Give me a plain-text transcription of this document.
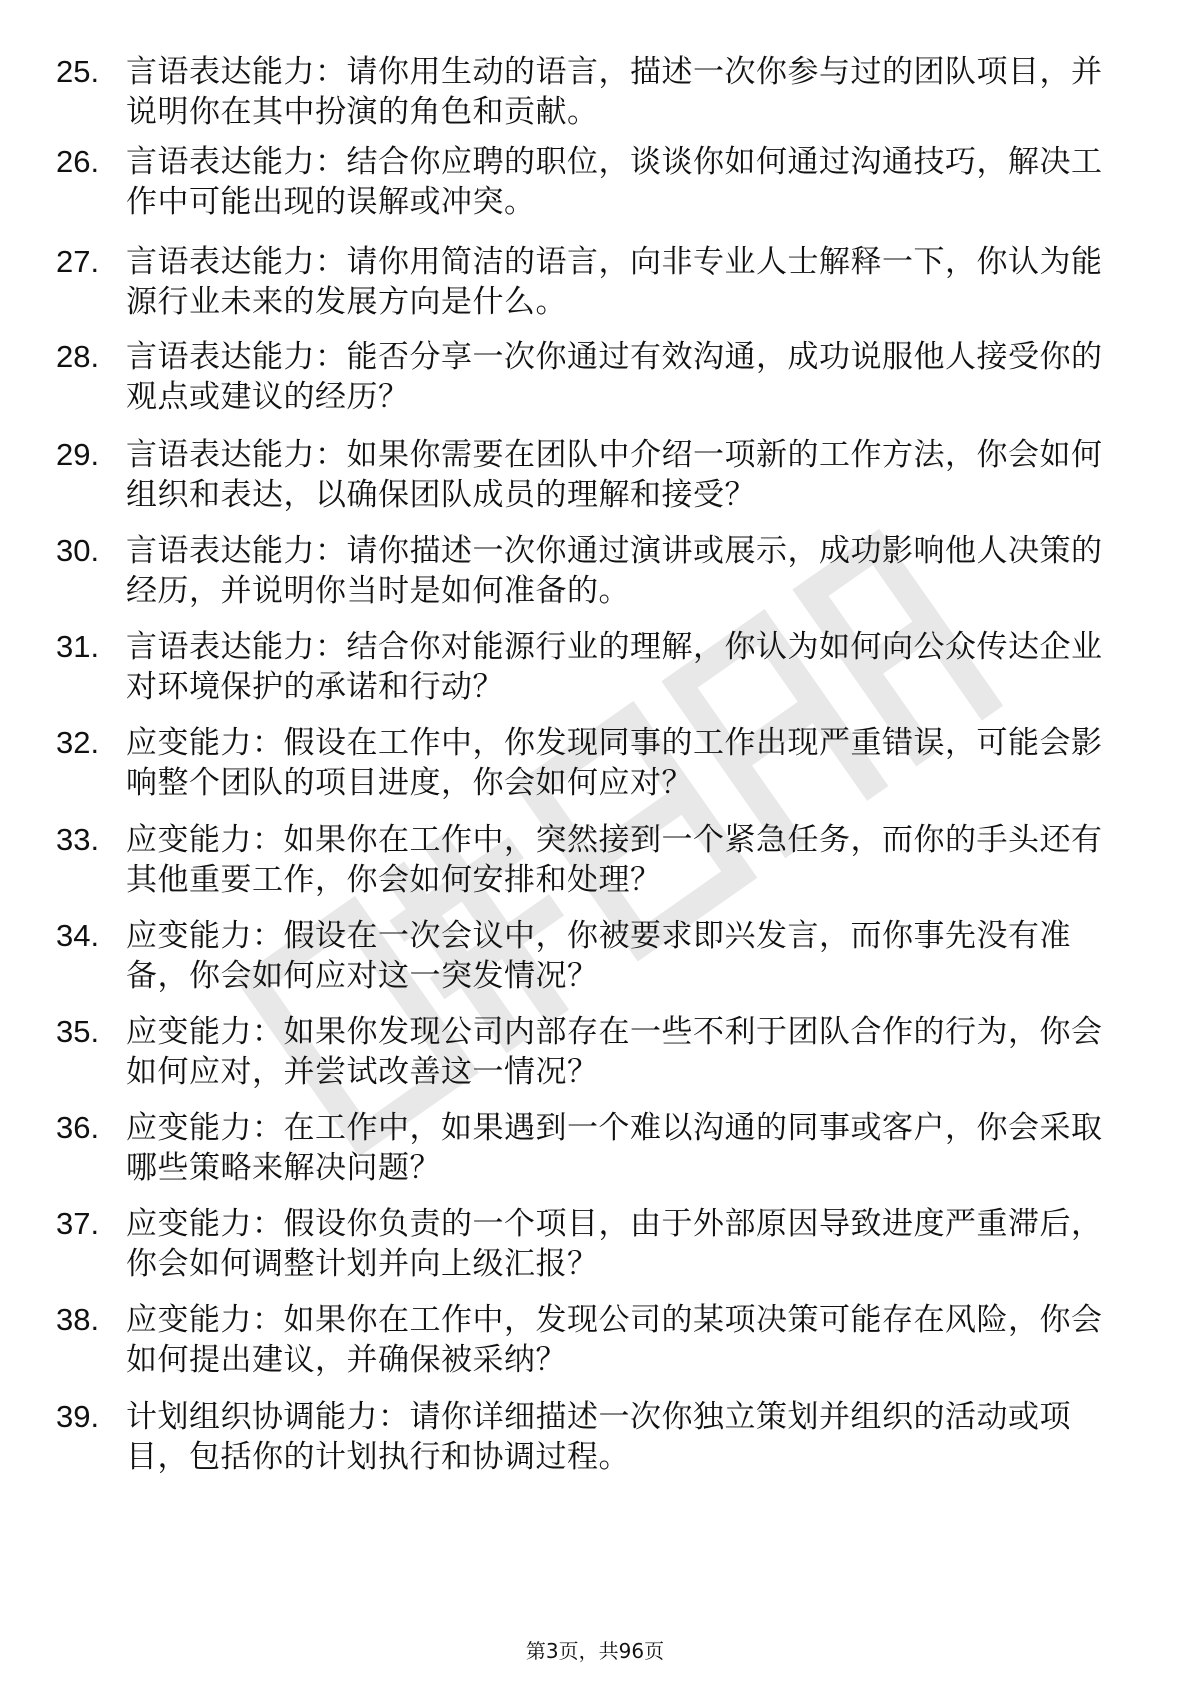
25. 言语表达能力：请你用生动的语言，描述一次你参与过的团队项目，并说明你在其中扮演的角色和贡献。
26. 言语表达能力：结合你应聘的职位，谈谈你如何通过沟通技巧，解决工作中可能出现的误解或冲突。
27. 言语表达能力：请你用简洁的语言，向非专业人士解释一下，你认为能源行业未来的发展方向是什么。
28. 言语表达能力：能否分享一次你通过有效沟通，成功说服他人接受你的观点或建议的经历？
29. 言语表达能力：如果你需要在团队中介绍一项新的工作方法，你会如何组织和表达，以确保团队成员的理解和接受？
30. 言语表达能力：请你描述一次你通过演讲或展示，成功影响他人决策的经历，并说明你当时是如何准备的。
31. 言语表达能力：结合你对能源行业的理解，你认为如何向公众传达企业对环境保护的承诺和行动？
32. 应变能力：假设在工作中，你发现同事的工作出现严重错误，可能会影响整个团队的项目进度，你会如何应对？
33. 应变能力：如果你在工作中，突然接到一个紧急任务，而你的手头还有其他重要工作，你会如何安排和处理？
34. 应变能力：假设在一次会议中，你被要求即兴发言，而你事先没有准备，你会如何应对这一突发情况？
35. 应变能力：如果你发现公司内部存在一些不利于团队合作的行为，你会如何应对，并尝试改善这一情况？
36. 应变能力：在工作中，如果遇到一个难以沟通的同事或客户，你会采取哪些策略来解决问题？
37. 应变能力：假设你负责的一个项目，由于外部原因导致进度严重滞后，你会如何调整计划并向上级汇报？
38. 应变能力：如果你在工作中，发现公司的某项决策可能存在风险，你会如何提出建议，并确保被采纳？
39. 计划组织协调能力：请你详细描述一次你独立策划并组织的活动或项目，包括你的计划执行和协调过程。
第3页，共96页
